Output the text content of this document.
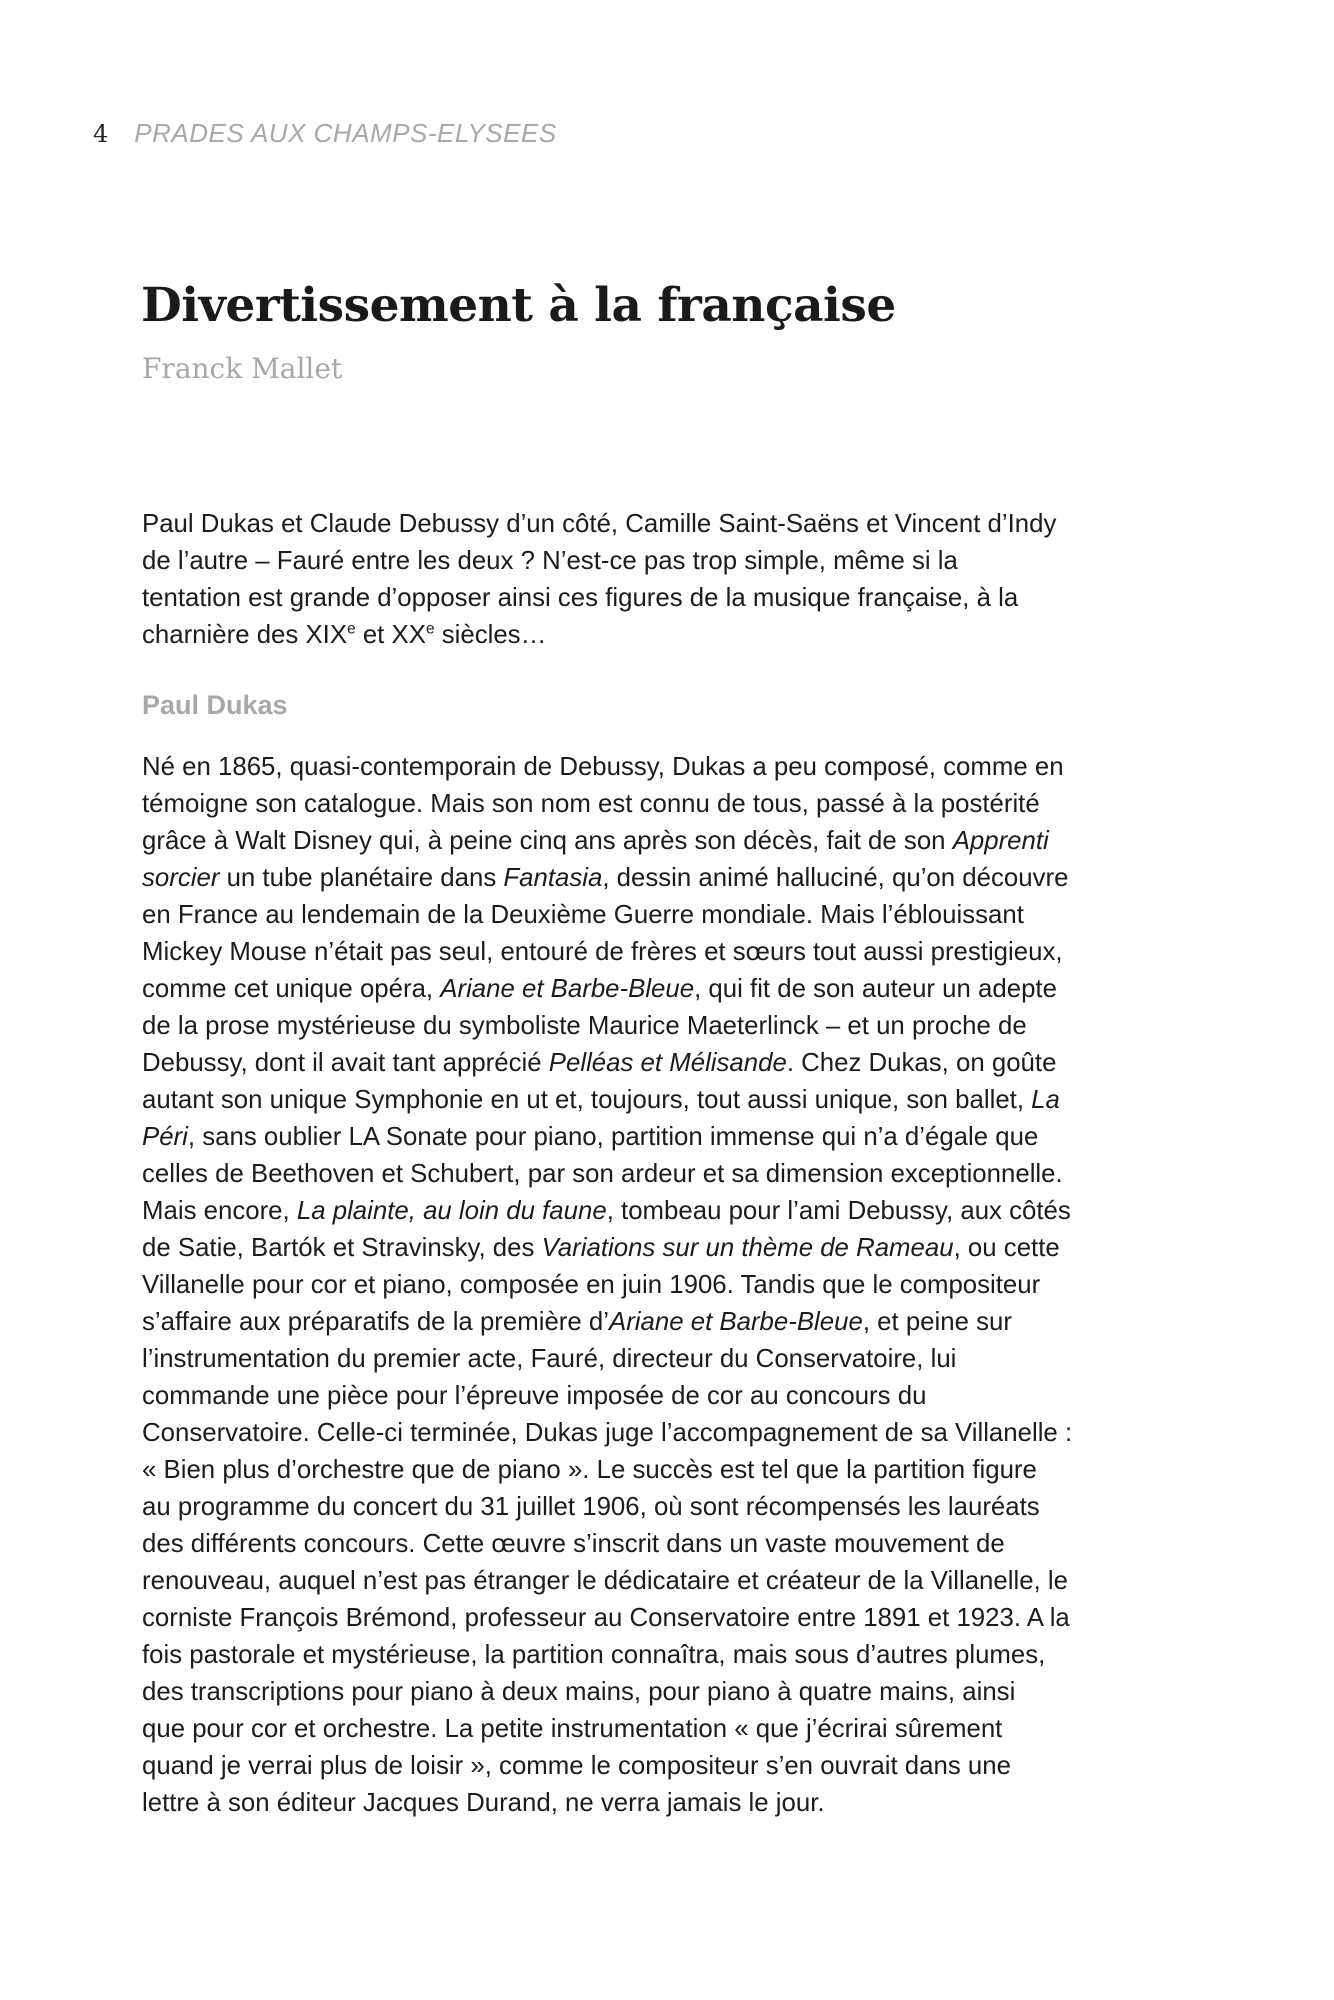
4 PRADES AUX CHAMPS-ELYSEES
Divertissement à la française
Franck Mallet
Paul Dukas et Claude Debussy d’un côté, Camille Saint-Saëns et Vincent d’Indy
de l’autre – Fauré entre les deux ? N’est-ce pas trop simple, même si la
tentation est grande d’opposer ainsi ces figures de la musique française, à la
charnière des XIXe et XXe siècles…
Paul Dukas
Né en 1865, quasi-contemporain de Debussy, Dukas a peu composé, comme en
témoigne son catalogue. Mais son nom est connu de tous, passé à la postérité
grâce à Walt Disney qui, à peine cinq ans après son décès, fait de son Apprenti
sorcier un tube planétaire dans Fantasia, dessin animé halluciné, qu’on découvre
en France au lendemain de la Deuxième Guerre mondiale. Mais l’éblouissant
Mickey Mouse n’était pas seul, entouré de frères et sœurs tout aussi prestigieux,
comme cet unique opéra, Ariane et Barbe-Bleue, qui fit de son auteur un adepte
de la prose mystérieuse du symboliste Maurice Maeterlinck – et un proche de
Debussy, dont il avait tant apprécié Pelléas et Mélisande. Chez Dukas, on goûte
autant son unique Symphonie en ut et, toujours, tout aussi unique, son ballet, La
Péri, sans oublier LA Sonate pour piano, partition immense qui n’a d’égale que
celles de Beethoven et Schubert, par son ardeur et sa dimension exceptionnelle.
Mais encore, La plainte, au loin du faune, tombeau pour l’ami Debussy, aux côtés
de Satie, Bartók et Stravinsky, des Variations sur un thème de Rameau, ou cette
Villanelle pour cor et piano, composée en juin 1906. Tandis que le compositeur
s’affaire aux préparatifs de la première d’Ariane et Barbe-Bleue, et peine sur
l’instrumentation du premier acte, Fauré, directeur du Conservatoire, lui
commande une pièce pour l’épreuve imposée de cor au concours du
Conservatoire. Celle-ci terminée, Dukas juge l’accompagnement de sa Villanelle :
« Bien plus d’orchestre que de piano ». Le succès est tel que la partition figure
au programme du concert du 31 juillet 1906, où sont récompensés les lauréats
des différents concours. Cette œuvre s’inscrit dans un vaste mouvement de
renouveau, auquel n’est pas étranger le dédicataire et créateur de la Villanelle, le
corniste François Brémond, professeur au Conservatoire entre 1891 et 1923. A la
fois pastorale et mystérieuse, la partition connaîtra, mais sous d’autres plumes,
des transcriptions pour piano à deux mains, pour piano à quatre mains, ainsi
que pour cor et orchestre. La petite instrumentation « que j’écrirai sûrement
quand je verrai plus de loisir », comme le compositeur s’en ouvrait dans une
lettre à son éditeur Jacques Durand, ne verra jamais le jour.
